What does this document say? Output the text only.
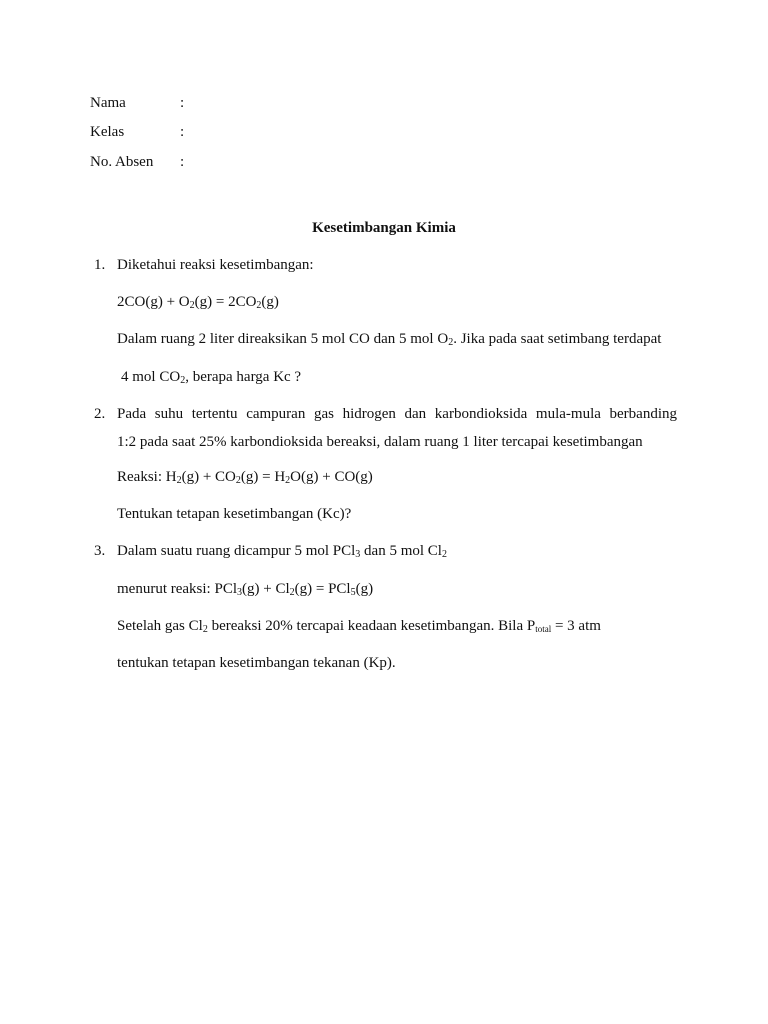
Nama	:
Kelas	:
No. Absen :
Kesetimbangan Kimia
1. Diketahui reaksi kesetimbangan:
$2CO(g) + O_2(g) = 2CO_2(g)$
Dalam ruang 2 liter direaksikan 5 mol CO dan 5 mol $O_2$. Jika pada saat setimbang terdapat
4 mol $CO_2$, berapa harga Kc ?
2. Pada suhu tertentu campuran gas hidrogen dan karbondioksida mula-mula berbanding
1:2 pada saat 25% karbondioksida bereaksi, dalam ruang 1 liter tercapai kesetimbangan
Reaksi: $H_2(g) + CO_2(g) = H_2O(g) + CO(g)$
Tentukan tetapan kesetimbangan (Kc)?
3. Dalam suatu ruang dicampur 5 mol PCl$_3$ dan 5 mol $Cl_2$
menurut reaksi: $PCl_3(g) + Cl_2(g) = PCl_5(g)$
Setelah gas $Cl_2$ bereaksi 20% tercapai keadaan kesetimbangan. Bila $P_{total} = 3$ atm
tentukan tetapan kesetimbangan tekanan (Kp).
